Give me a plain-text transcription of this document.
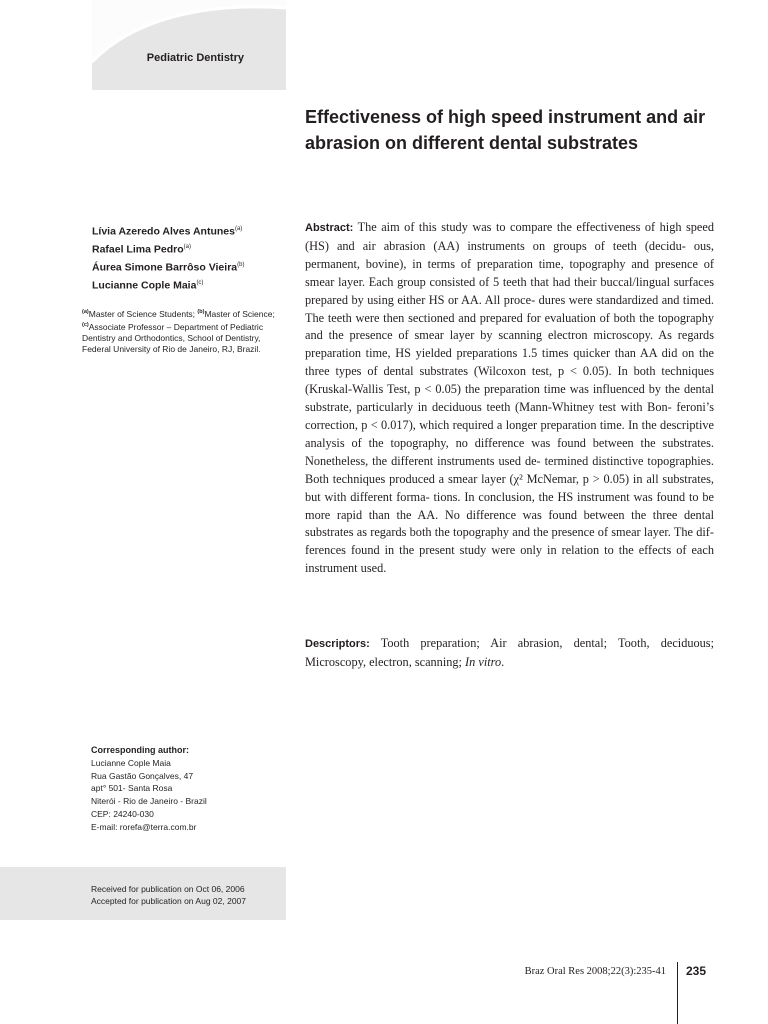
Pediatric Dentistry
Effectiveness of high speed instrument and air abrasion on different dental substrates
Lívia Azeredo Alves Antunes$^{(a)}$
Rafael Lima Pedro$^{(a)}$
Áurea Simone Barrôso Vieira$^{(b)}$
Lucianne Cople Maia$^{(c)}$
$^{(a)}$Master of Science Students; $^{(b)}$Master of Science; $^{(c)}$Associate Professor – Department of Pediatric Dentistry and Orthodontics, School of Dentistry, Federal University of Rio de Janeiro, RJ, Brazil.

Abstract: The aim of this study was to compare the effectiveness of high speed (HS) and air abrasion (AA) instruments on groups of teeth (decidu- ous, permanent, bovine), in terms of preparation time, topography and presence of smear layer. Each group consisted of 5 teeth that had their buccal/lingual surfaces prepared by using either HS or AA. All proce- dures were standardized and timed. The teeth were then sectioned and prepared for evaluation of both the topography and the presence of smear layer by scanning electron microscopy. As regards preparation time, HS yielded preparations 1.5 times quicker than AA did on the three types of dental substrates (Wilcoxon test, p < 0.05). In both techniques (Kruskal-Wallis Test, p < 0.05) the preparation time was influenced by the dental substrate, particularly in deciduous teeth (Mann-Whitney test with Bon- feroni’s correction, p < 0.017), which required a longer preparation time. In the descriptive analysis of the topography, no difference was found between the substrates. Nonetheless, the different instruments used de- termined distinctive topographies. Both techniques produced a smear layer (χ² McNemar, p > 0.05) in all substrates, but with different forma- tions. In conclusion, the HS instrument was found to be more rapid than the AA. No difference was found between the three dental substrates as regards both the topography and the presence of smear layer. The dif- ferences found in the present study were only in relation to the effects of each instrument used.

Descriptors: Tooth preparation; Air abrasion, dental; Tooth, deciduous; Microscopy, electron, scanning; In vitro.

Corresponding author:
Lucianne Cople Maia
Rua Gastão Gonçalves, 47
apt° 501- Santa Rosa
Niterói - Rio de Janeiro - Brazil
CEP: 24240-030
E-mail: rorefa@terra.com.br
Received for publication on Oct 06, 2006
Accepted for publication on Aug 02, 2007
Braz Oral Res 2008;22(3):235-41 235
